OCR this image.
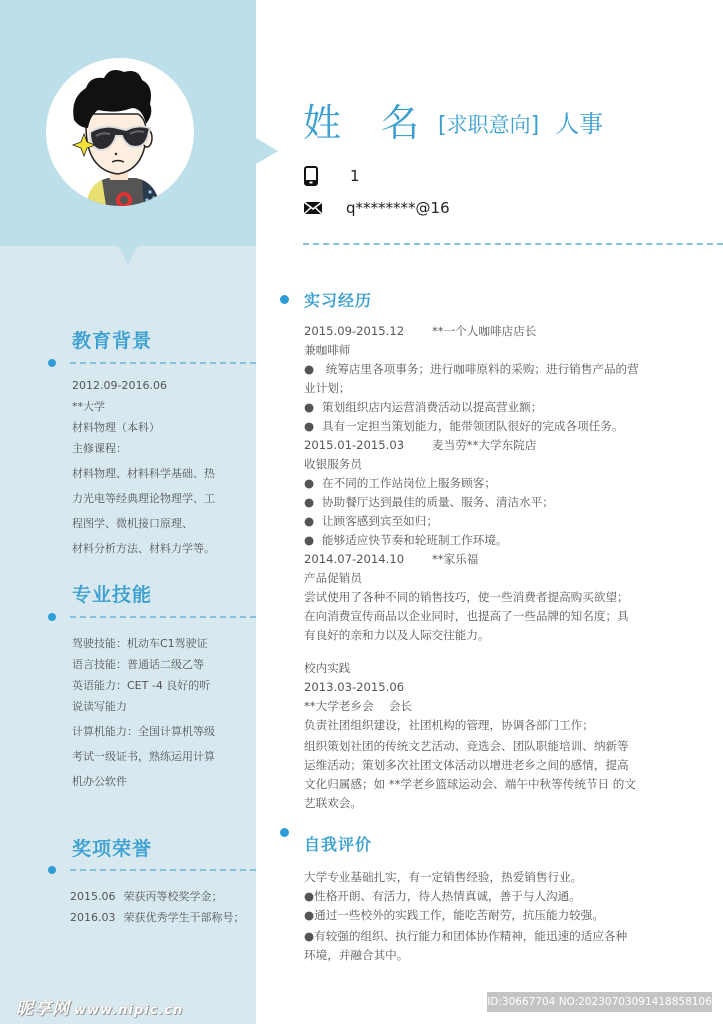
教育背景
2012.09-2016.06
**大学
材料物理（本科）
主修课程：
材料物理、材料科学基础、热
力光电等经典理论物理学、工
程图学、微机接口原理、
材料分析方法、材料力学等。
专业技能
驾驶技能：机动车C1驾驶证
语言技能：普通话二级乙等
英语能力：CET -4 良好的听
说读写能力
计算机能力：全国计算机等级
考试一级证书，熟练运用计算
机办公软件
奖项荣誉
2015.06 荣获丙等校奖学金；
2016.03 荣获优秀学生干部称号；
昵享网 www.nipic.cn
姓 名 [求职意向] 人事
1
q********@16
实习经历
2015.09-2015.12 **一个人咖啡店店长
兼咖啡师
● 统筹店里各项事务；进行咖啡原料的采购；进行销售产品的营
业计划；
● 策划组织店内运营消费活动以提高营业额；
● 具有一定担当策划能力，能带领团队很好的完成各项任务。
2015.01-2015.03 麦当劳**大学东院店
收银服务员
● 在不同的工作站岗位上服务顾客；
● 协助餐厅达到最佳的质量、服务、清洁水平；
● 让顾客感到宾至如归；
● 能够适应快节奏和轮班制工作环境。
2014.07-2014.10 **家乐福
产品促销员
尝试使用了各种不同的销售技巧，使一些消费者提高购买欲望；
在向消费宣传商品以企业同时，也提高了一些品牌的知名度；具
有良好的亲和力以及人际交往能力。
校内实践
2013.03-2015.06
**大学老乡会　 会长
负责社团组织建设，社团机构的管理，协调各部门工作；
组织策划社团的传统文艺活动、竞选会、团队职能培训、纳新等
运维活动；策划多次社团文体活动以增进老乡之间的感情，提高
文化归属感；如 **学老乡篮球运动会、端午中秋等传统节日 的文
艺联欢会。
自我评价
大学专业基础扎实，有一定销售经验，热爱销售行业。
●性格开朗、有活力，待人热情真诚，善于与人沟通。
●通过一些校外的实践工作，能吃苦耐劳，抗压能力较强。
●有较强的组织、执行能力和团体协作精神，能迅速的适应各种
环境，并融合其中。
ID:30667704 NO:20230703091418858106
